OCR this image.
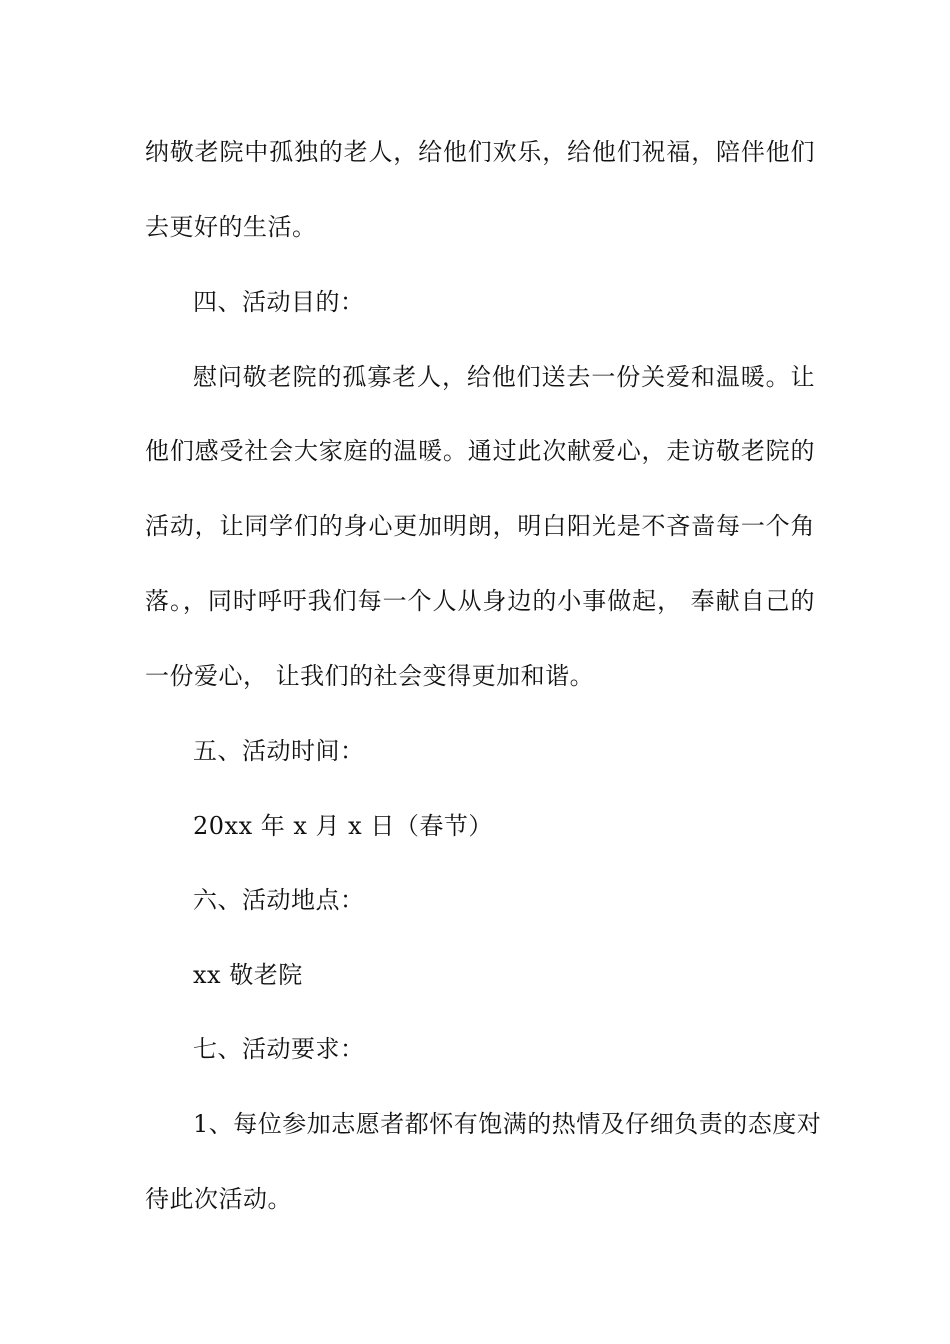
纳敬老院中孤独的老人，给他们欢乐，给他们祝福，陪伴他们
去更好的生活。
四、活动目的：
慰问敬老院的孤寡老人，给他们送去一份关爱和温暖。让
他们感受社会大家庭的温暖。通过此次献爱心，走访敬老院的
活动，让同学们的身心更加明朗，明白阳光是不吝啬每一个角
落。，同时呼吁我们每一个人从身边的小事做起， 奉献自己的
一份爱心， 让我们的社会变得更加和谐。
五、活动时间：
20xx 年 x 月 x 日（春节）
六、活动地点：
xx 敬老院
七、活动要求：
1、每位参加志愿者都怀有饱满的热情及仔细负责的态度对
待此次活动。
